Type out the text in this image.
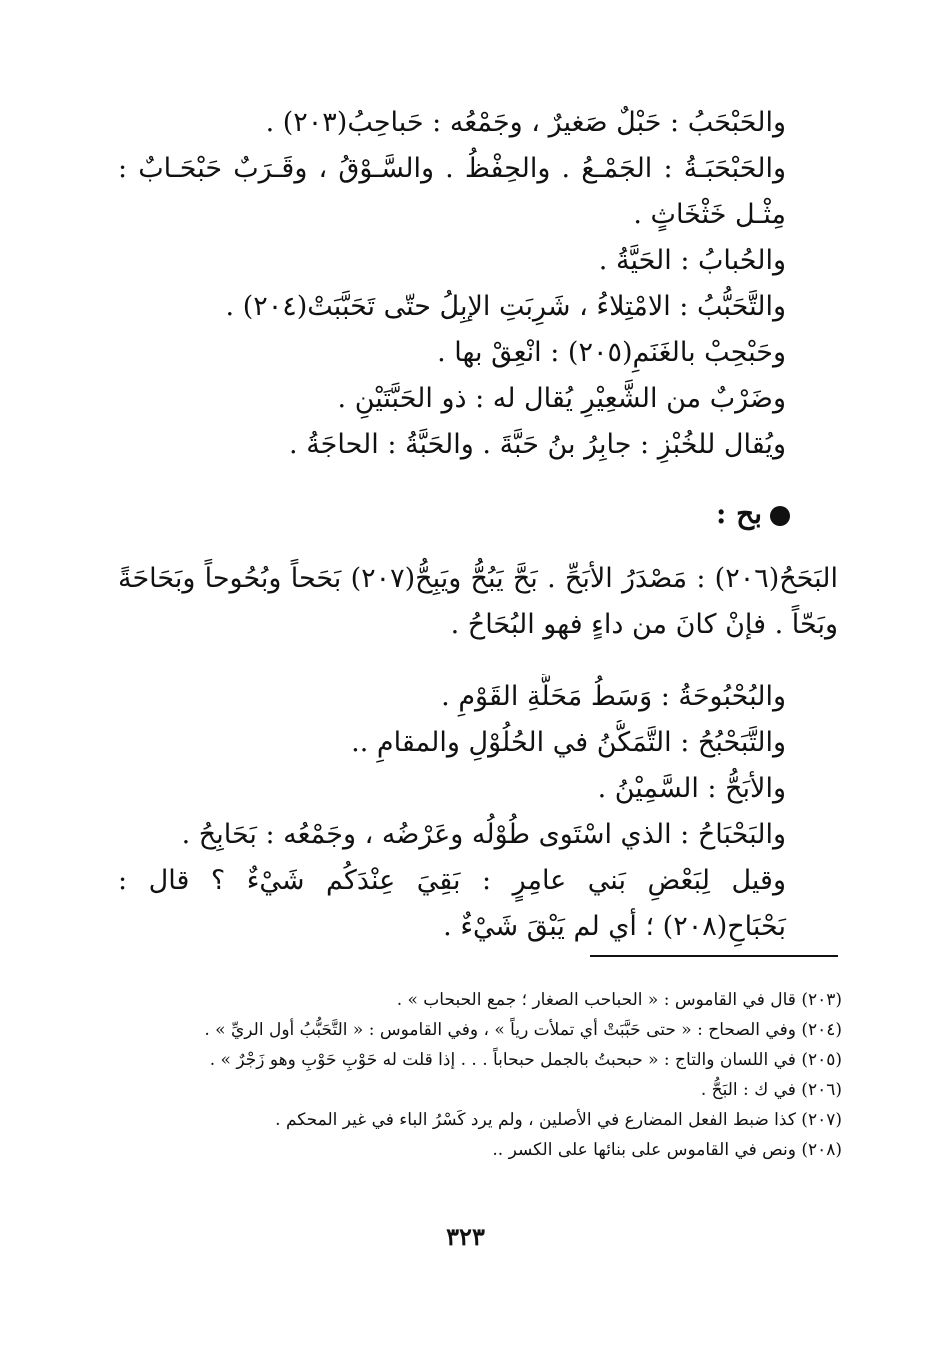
والحَبْحَبُ : حَبْلٌ صَغيرٌ ، وجَمْعُه : حَباحِبُ(٢٠٣) .
والحَبْحَبَـةُ : الجَمْـعُ . والحِفْظُ . والسَّـوْقُ ، وقَـرَبٌ حَبْحَـابٌ : مِثْـل خَثْخَاثٍ .
والحُبابُ : الحَيَّةُ .
والتَّحَبُّبُ : الامْتِلاءُ ، شَرِبَتِ الإبِلُ حتّى تَحَبَّبَتْ(٢٠٤) .
وحَبْحِبْ بالغَنَمِ(٢٠٥) : انْعِقْ بها .
وضَرْبٌ من الشَّعِيْرِ يُقال له : ذو الحَبَّتَيْنِ .
ويُقال للخُبْزِ : جابِرُ بنُ حَبَّةَ . والحَبَّةُ : الحاجَةُ .
بح :
البَحَحُ(٢٠٦) : مَصْدَرُ الأبَحِّ . بَحَّ يَبُحُّ ويَبِحُّ(٢٠٧) بَحَحاً وبُحُوحاً وبَحَاحَةً وبَحّاً . فإنْ كانَ من داءٍ فهو البُحَاحُ .
والبُحْبُوحَةُ : وَسَطُ مَحَلَّةِ القَوْمِ .
والتَّبَحْبُحُ : التَّمَكُّنُ في الحُلُوْلِ والمقامِ ..
والأبَحُّ : السَّمِيْنُ .
والبَحْبَاحُ : الذي اسْتَوى طُوْلُه وعَرْضُه ، وجَمْعُه : بَحَابِحُ .
وقيل لِبَعْضِ بَني عامِرٍ : بَقِيَ عِنْدَكُم شَيْءٌ ؟ قال : بَحْبَاحِ(٢٠٨) ؛ أي لم يَبْقَ شَيْءٌ .
(٢٠٣) قال في القاموس : « الحباحب الصغار ؛ جمع الحبحاب » .
(٢٠٤) وفي الصحاح : « حتى حَبَّبَتْ أي تملأت رياً » ، وفي القاموس : « التَّحَبُّبُ أول الريِّ » .
(٢٠٥) في اللسان والتاج : « حبحبتُ بالجمل حبحاباً . . . إذا قلت له حَوْبِ حَوْبِ وهو زَجْرٌ » .
(٢٠٦) في ك : البَحُّ .
(٢٠٧) كذا ضبط الفعل المضارع في الأصلين ، ولم يرد كَسْرُ الباء في غير المحكم .
(٢٠٨) ونص في القاموس على بنائها على الكسر ..
٣٢٣
